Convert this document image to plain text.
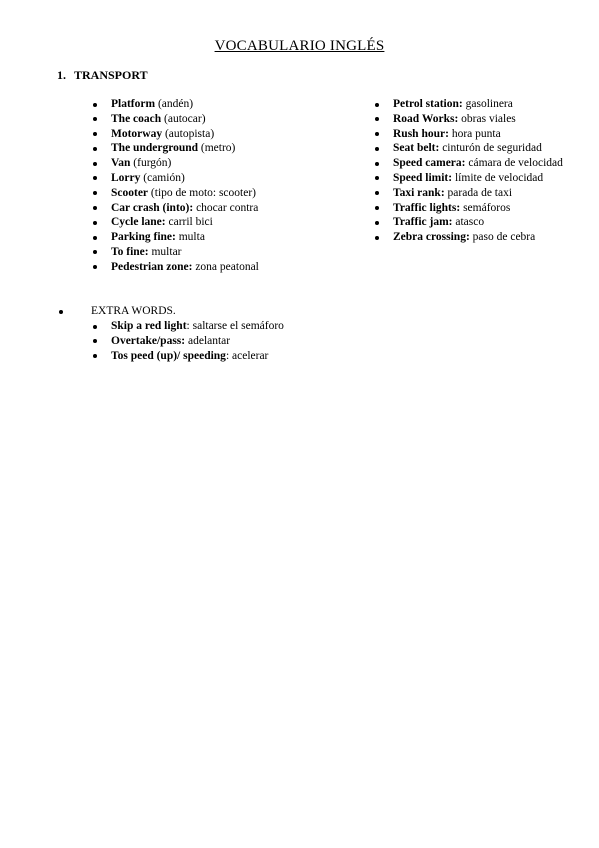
VOCABULARIO INGLÉS
1. TRANSPORT
Platform (andén)
The coach (autocar)
Motorway (autopista)
The underground (metro)
Van (furgón)
Lorry (camión)
Scooter (tipo de moto: scooter)
Car crash (into): chocar contra
Cycle lane: carril bici
Parking fine: multa
To fine: multar
Pedestrian zone: zona peatonal
Petrol station: gasolinera
Road Works: obras viales
Rush hour: hora punta
Seat belt: cinturón de seguridad
Speed camera: cámara de velocidad
Speed limit: límite de velocidad
Taxi rank: parada de taxi
Traffic lights: semáforos
Traffic jam: atasco
Zebra crossing: paso de cebra
EXTRA WORDS.
Skip a red light: saltarse el semáforo
Overtake/pass: adelantar
Tos peed (up)/ speeding: acelerar
